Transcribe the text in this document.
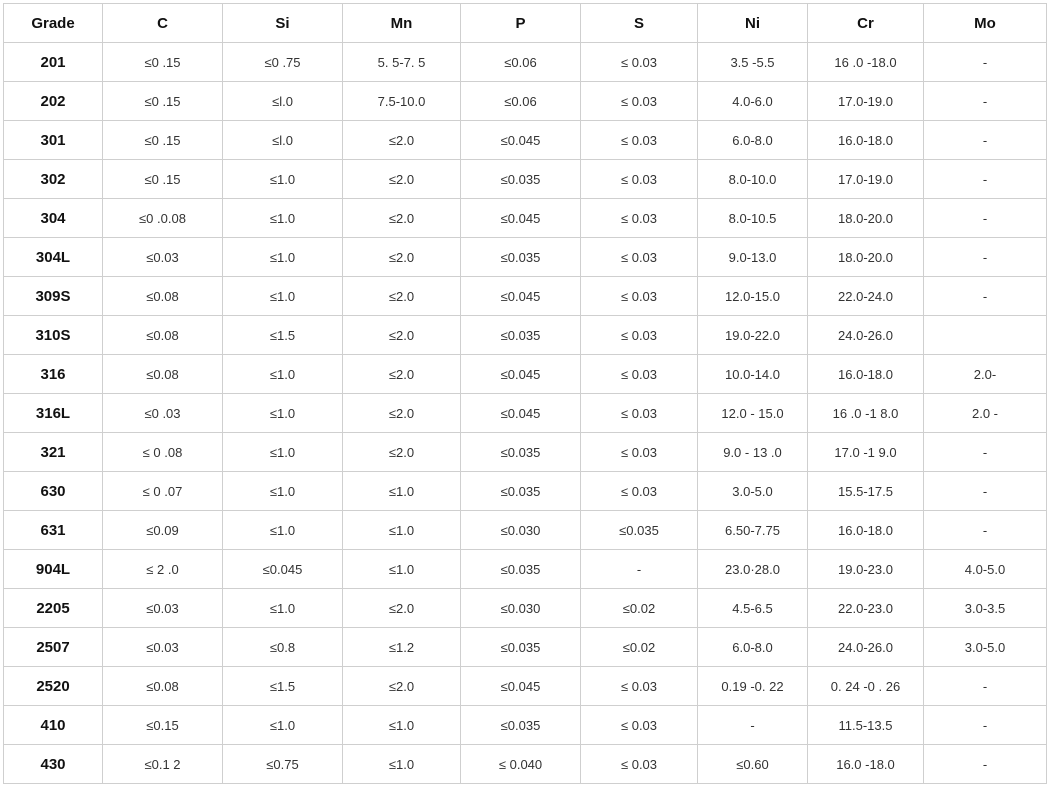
Grade	C	Si	Mn	P	S	Ni	Cr	Mo
201	≤0 .15	≤0 .75	5. 5-7. 5	≤0.06	≤ 0.03	3.5 -5.5	16 .0 -18.0	-
202	≤0 .15	≤l.0	7.5-10.0	≤0.06	≤ 0.03	4.0-6.0	17.0-19.0	-
301	≤0 .15	≤l.0	≤2.0	≤0.045	≤ 0.03	6.0-8.0	16.0-18.0	-
302	≤0 .15	≤1.0	≤2.0	≤0.035	≤ 0.03	8.0-10.0	17.0-19.0	-
304	≤0 .0.08	≤1.0	≤2.0	≤0.045	≤ 0.03	8.0-10.5	18.0-20.0	-
304L	≤0.03	≤1.0	≤2.0	≤0.035	≤ 0.03	9.0-13.0	18.0-20.0	-
309S	≤0.08	≤1.0	≤2.0	≤0.045	≤ 0.03	12.0-15.0	22.0-24.0	-
310S	≤0.08	≤1.5	≤2.0	≤0.035	≤ 0.03	19.0-22.0	24.0-26.0	
316	≤0.08	≤1.0	≤2.0	≤0.045	≤ 0.03	10.0-14.0	16.0-18.0	2.0-
316L	≤0 .03	≤1.0	≤2.0	≤0.045	≤ 0.03	12.0 - 15.0	16 .0 -1 8.0	2.0 -
321	≤ 0 .08	≤1.0	≤2.0	≤0.035	≤ 0.03	9.0 - 13 .0	17.0 -1 9.0	-
630	≤ 0 .07	≤1.0	≤1.0	≤0.035	≤ 0.03	3.0-5.0	15.5-17.5	-
631	≤0.09	≤1.0	≤1.0	≤0.030	≤0.035	6.50-7.75	16.0-18.0	-
904L	≤ 2 .0	≤0.045	≤1.0	≤0.035	-	23.0·28.0	19.0-23.0	4.0-5.0
2205	≤0.03	≤1.0	≤2.0	≤0.030	≤0.02	4.5-6.5	22.0-23.0	3.0-3.5
2507	≤0.03	≤0.8	≤1.2	≤0.035	≤0.02	6.0-8.0	24.0-26.0	3.0-5.0
2520	≤0.08	≤1.5	≤2.0	≤0.045	≤ 0.03	0.19 -0. 22	0. 24 -0 . 26	-
410	≤0.15	≤1.0	≤1.0	≤0.035	≤ 0.03	-	11.5-13.5	-
430	≤0.1 2	≤0.75	≤1.0	≤ 0.040	≤ 0.03	≤0.60	16.0 -18.0	-
